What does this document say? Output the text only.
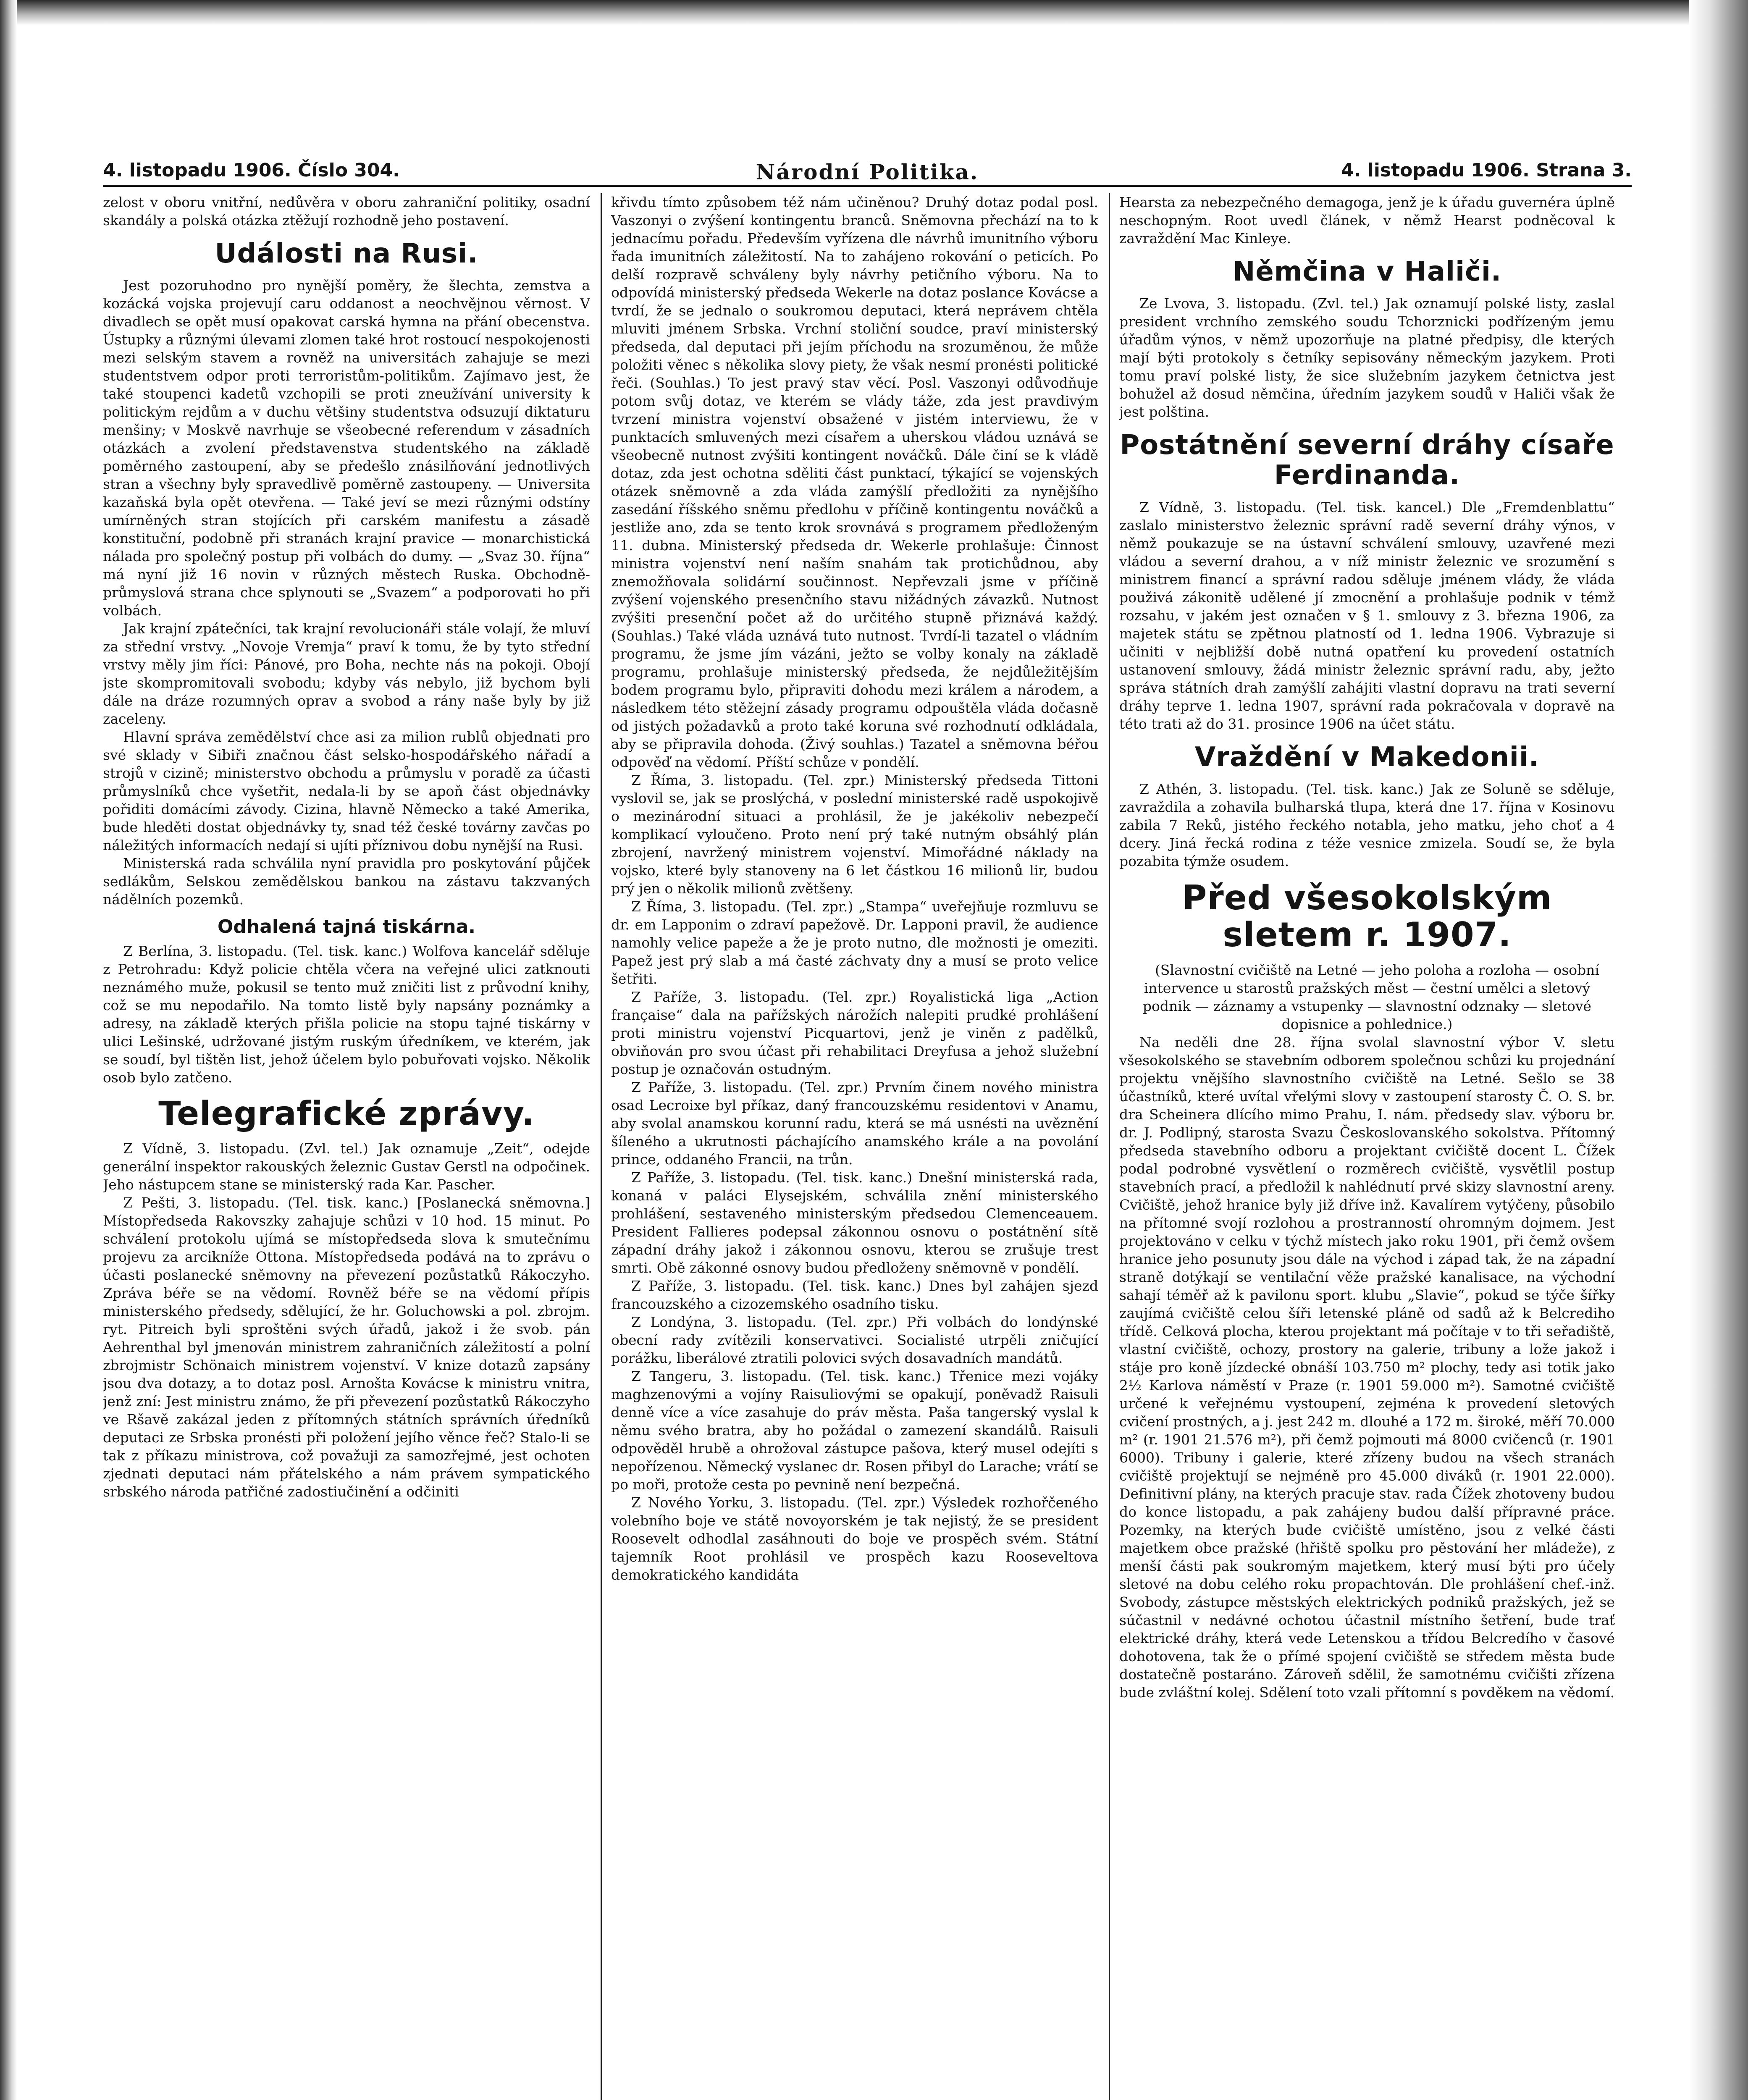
4. listopadu 1906. Číslo 304.	Národní Politika.	4. listopadu 1906. Strana 3.

zelost v oboru vnitřní, nedůvěra v oboru zahraniční politiky, osadní skandály a polská otázka ztěžují rozhodně jeho postavení.

Události na Rusi.

Jest pozoruhodno pro nynější poměry, že šlechta, zemstva a kozácká vojska projevují caru oddanost a neochvějnou věrnost. V divadlech se opět musí opakovat carská hymna na přání obecenstva. Ústupky a různými úlevami zlomen také hrot rostoucí nespokojenosti mezi selským stavem a rovněž na universitách zahajuje se mezi studentstvem odpor proti terroristům-politikům. Zajímavo jest, že také stoupenci kadetů vzchopili se proti zneužívání university k politickým rejdům a v duchu většiny studentstva odsuzují diktaturu menšiny; v Moskvě navrhuje se všeobecné referendum v zásadních otázkách a zvolení představenstva studentského na základě poměrného zastoupení, aby se předešlo znásilňování jednotlivých stran a všechny byly spravedlivě poměrně zastoupeny. — Universita kazaňská byla opět otevřena. — Také jeví se mezi různými odstíny umírněných stran stojících při carském manifestu a zásadě konstituční, podobně při stranách krajní pravice — monarchistická nálada pro společný postup při volbách do dumy. — „Svaz 30. října“ má nyní již 16 novin v různých městech Ruska. Obchodně-průmyslová strana chce splynouti se „Svazem“ a podporovati ho při volbách.

Jak krajní zpátečníci, tak krajní revolucionáři stále volají, že mluví za střední vrstvy. „Novoje Vremja“ praví k tomu, že by tyto střední vrstvy měly jim říci: Pánové, pro Boha, nechte nás na pokoji. Obojí jste skompromitovali svobodu; kdyby vás nebylo, již bychom byli dále na dráze rozumných oprav a svobod a rány naše byly by již zaceleny.

Hlavní správa zemědělství chce asi za milion rublů objednati pro své sklady v Sibiři značnou část selsko-hospodářského nářadí a strojů v cizině; ministerstvo obchodu a průmyslu v poradě za účasti průmyslníků chce vyšetřit, nedala-li by se apoň část objednávky pořiditi domácími závody. Cizina, hlavně Německo a také Amerika, bude hleděti dostat objednávky ty, snad též české továrny zavčas po náležitých informacích nedají si ujíti příznivou dobu nynější na Rusi.

Ministerská rada schválila nyní pravidla pro poskytování půjček sedlákům, Selskou zemědělskou bankou na zástavu takzvaných nádělních pozemků.

Odhalená tajná tiskárna.

Z Berlína, 3. listopadu. (Tel. tisk. kanc.) Wolfova kancelář sděluje z Petrohradu: Když policie chtěla včera na veřejné ulici zatknouti neznámého muže, pokusil se tento muž zničiti list z průvodní knihy, což se mu nepodařilo. Na tomto listě byly napsány poznámky a adresy, na základě kterých přišla policie na stopu tajné tiskárny v ulici Lešinské, udržované jistým ruským úředníkem, ve kterém, jak se soudí, byl tištěn list, jehož účelem bylo pobuřovati vojsko. Několik osob bylo zatčeno.

Telegrafické zprávy.

Z Vídně, 3. listopadu. (Zvl. tel.) Jak oznamuje „Zeit“, odejde generální inspektor rakouských železnic Gustav Gerstl na odpočinek. Jeho nástupcem stane se ministerský rada Kar. Pascher.

Z Pešti, 3. listopadu. (Tel. tisk. kanc.) [Poslanecká sněmovna.] Místopředseda Rakovszky zahajuje schůzi v 10 hod. 15 minut. Po schválení protokolu ujímá se místopředseda slova k smutečnímu projevu za arcikníže Ottona. Místopředseda podává na to zprávu o účasti poslanecké sněmovny na převezení pozůstatků Rákoczyho. Zpráva béře se na vědomí. Rovněž béře se na vědomí přípis ministerského předsedy, sdělující, že hr. Goluchowski a pol. zbrojm. ryt. Pitreich byli sproštěni svých úřadů, jakož i že svob. pán Aehrenthal byl jmenován ministrem zahraničních záležitostí a polní zbrojmistr Schönaich ministrem vojenství. V knize dotazů zapsány jsou dva dotazy, a to dotaz posl. Arnošta Kovácse k ministru vnitra, jenž zní: Jest ministru známo, že při převezení pozůstatků Rákoczyho ve Ršavě zakázal jeden z přítomných státních správních úředníků deputaci ze Srbska pronésti při položení jejího věnce řeč? Stalo-li se tak z příkazu ministrova, což považuji za samozřejmé, jest ochoten zjednati deputaci nám přátelského a nám právem sympatického srbského národa patřičné zadostiučinění a odčiniti

křivdu tímto způsobem též nám učiněnou? Druhý dotaz podal posl. Vaszonyi o zvýšení kontingentu branců. Sněmovna přechází na to k jednacímu pořadu. Především vyřízena dle návrhů imunitního výboru řada imunitních záležitostí. Na to zahájeno rokování o peticích. Po delší rozpravě schváleny byly návrhy petičního výboru. Na to odpovídá ministerský předseda Wekerle na dotaz poslance Kovácse a tvrdí, že se jednalo o soukromou deputaci, která neprávem chtěla mluviti jménem Srbska. Vrchní stoliční soudce, praví ministerský předseda, dal deputaci při jejím příchodu na srozuměnou, že může položiti věnec s několika slovy piety, že však nesmí pronésti politické řeči. (Souhlas.) To jest pravý stav věcí. Posl. Vaszonyi odůvodňuje potom svůj dotaz, ve kterém se vlády táže, zda jest pravdivým tvrzení ministra vojenství obsažené v jistém interviewu, že v punktacích smluvených mezi císařem a uherskou vládou uznává se všeobecně nutnost zvýšiti kontingent nováčků. Dále činí se k vládě dotaz, zda jest ochotna sděliti část punktací, týkající se vojenských otázek sněmovně a zda vláda zamýšlí předložiti za nynějšího zasedání říšského sněmu předlohu v příčině kontingentu nováčků a jestliže ano, zda se tento krok srovnává s programem předloženým 11. dubna. Ministerský předseda dr. Wekerle prohlašuje: Činnost ministra vojenství není naším snahám tak protichůdnou, aby znemožňovala solidární součinnost. Nepřevzali jsme v příčině zvýšení vojenského presenčního stavu nižádných závazků. Nutnost zvýšiti presenční počet až do určitého stupně přiznává každý. (Souhlas.) Také vláda uznává tuto nutnost. Tvrdí-li tazatel o vládním programu, že jsme jím vázáni, ježto se volby konaly na základě programu, prohlašuje ministerský předseda, že nejdůležitějším bodem programu bylo, připraviti dohodu mezi králem a národem, a následkem této stěžejní zásady programu odpouštěla vláda dočasně od jistých požadavků a proto také koruna své rozhodnutí odkládala, aby se připravila dohoda. (Živý souhlas.) Tazatel a sněmovna béřou odpověď na vědomí. Příští schůze v pondělí.

Z Říma, 3. listopadu. (Tel. zpr.) Ministerský předseda Tittoni vyslovil se, jak se proslýchá, v poslední ministerské radě uspokojivě o mezinárodní situaci a prohlásil, že je jakékoliv nebezpečí komplikací vyloučeno. Proto není prý také nutným obsáhlý plán zbrojení, navržený ministrem vojenství. Mimořádné náklady na vojsko, které byly stanoveny na 6 let částkou 16 milionů lir, budou prý jen o několik milionů zvětšeny.

Z Říma, 3. listopadu. (Tel. zpr.) „Stampa“ uveřejňuje rozmluvu se dr. em Lapponim o zdraví papežově. Dr. Lapponi pravil, že audience namohly velice papeže a že je proto nutno, dle možnosti je omeziti. Papež jest prý slab a má časté záchvaty dny a musí se proto velice šetřiti.

Z Paříže, 3. listopadu. (Tel. zpr.) Royalistická liga „Action française“ dala na pařížských nárožích nalepiti prudké prohlášení proti ministru vojenství Picquartovi, jenž je viněn z padělků, obviňován pro svou účast při rehabilitaci Dreyfusa a jehož služební postup je označován ostudným.

Z Paříže, 3. listopadu. (Tel. zpr.) Prvním činem nového ministra osad Lecroixe byl příkaz, daný francouzskému residentovi v Anamu, aby svolal anamskou korunní radu, která se má usnésti na uvěznění šíleného a ukrutnosti páchajícího anamského krále a na povolání prince, oddaného Francii, na trůn.

Z Paříže, 3. listopadu. (Tel. tisk. kanc.) Dnešní ministerská rada, konaná v paláci Elysejském, schválila znění ministerského prohlášení, sestaveného ministerským předsedou Clemenceauem. President Fallieres podepsal zákonnou osnovu o postátnění sítě západní dráhy jakož i zákonnou osnovu, kterou se zrušuje trest smrti. Obě zákonné osnovy budou předloženy sněmovně v pondělí.

Z Paříže, 3. listopadu. (Tel. tisk. kanc.) Dnes byl zahájen sjezd francouzského a cizozemského osadního tisku.

Z Londýna, 3. listopadu. (Tel. zpr.) Při volbách do londýnské obecní rady zvítězili konservativci. Socialisté utrpěli zničující porážku, liberálové ztratili polovici svých dosavadních mandátů.

Z Tangeru, 3. listopadu. (Tel. tisk. kanc.) Třenice mezi vojáky maghzenovými a vojíny Raisuliovými se opakují, poněvadž Raisuli denně více a více zasahuje do práv města. Paša tangerský vyslal k němu svého bratra, aby ho požádal o zamezení skandálů. Raisuli odpověděl hrubě a ohrožoval zástupce pašova, který musel odejíti s nepořízenou. Německý vyslanec dr. Rosen přibyl do Larache; vrátí se po moři, protože cesta po pevnině není bezpečná.

Z Nového Yorku, 3. listopadu. (Tel. zpr.) Výsledek rozhořčeného volebního boje ve státě novoyorském je tak nejistý, že se president Roosevelt odhodlal zasáhnouti do boje ve prospěch svém. Státní tajemník Root prohlásil ve prospěch kazu Rooseveltova demokratického kandidáta

Hearsta za nebezpečného demagoga, jenž je k úřadu guvernéra úplně neschopným. Root uvedl článek, v němž Hearst podněcoval k zavraždění Mac Kinleye.

Němčina v Haliči.

Ze Lvova, 3. listopadu. (Zvl. tel.) Jak oznamují polské listy, zaslal president vrchního zemského soudu Tchorznicki podřízeným jemu úřadům výnos, v němž upozorňuje na platné předpisy, dle kterých mají býti protokoly s četníky sepisovány německým jazykem. Proti tomu praví polské listy, že sice služebním jazykem četnictva jest bohužel až dosud němčina, úředním jazykem soudů v Haliči však že jest polština.

Postátnění severní dráhy císaře Ferdinanda.

Z Vídně, 3. listopadu. (Tel. tisk. kancel.) Dle „Fremdenblattu“ zaslalo ministerstvo železnic správní radě severní dráhy výnos, v němž poukazuje se na ústavní schválení smlouvy, uzavřené mezi vládou a severní drahou, a v níž ministr železnic ve srozumění s ministrem financí a správní radou sděluje jménem vlády, že vláda použivá zákonitě udělené jí zmocnění a prohlašuje podnik v témž rozsahu, v jakém jest označen v § 1. smlouvy z 3. března 1906, za majetek státu se zpětnou platností od 1. ledna 1906. Vybrazuje si učiniti v nejbližší době nutná opatření ku provedení ostatních ustanovení smlouvy, žádá ministr železnic správní radu, aby, ježto správa státních drah zamýšlí zahájiti vlastní dopravu na trati severní dráhy teprve 1. ledna 1907, správní rada pokračovala v dopravě na této trati až do 31. prosince 1906 na účet státu.

Vraždění v Makedonii.

Z Athén, 3. listopadu. (Tel. tisk. kanc.) Jak ze Soluně se sděluje, zavraždila a zohavila bulharská tlupa, která dne 17. října v Kosinovu zabila 7 Reků, jistého řeckého notabla, jeho matku, jeho choť a 4 dcery. Jiná řecká rodina z téže vesnice zmizela. Soudí se, že byla pozabita týmže osudem.

Před všesokolským sletem r. 1907.

(Slavnostní cvičiště na Letné — jeho poloha a rozloha — osobní intervence u starostů pražských měst — čestní umělci a sletový podnik — záznamy a vstupenky — slavnostní odznaky — sletové dopisnice a pohlednice.)

Na neděli dne 28. října svolal slavnostní výbor V. sletu všesokolského se stavebním odborem společnou schůzi ku projednání projektu vnějšího slavnostního cvičiště na Letné. Sešlo se 38 účastníků, které uvítal vřelými slovy v zastoupení starosty Č. O. S. br. dra Scheinera dlícího mimo Prahu, I. nám. předsedy slav. výboru br. dr. J. Podlipný, starosta Svazu Českoslovanského sokolstva. Přítomný předseda stavebního odboru a projektant cvičiště docent L. Čížek podal podrobné vysvětlení o rozměrech cvičiště, vysvětlil postup stavebních prací, a předložil k nahlédnutí prvé skizy slavnostní areny. Cvičiště, jehož hranice byly již dříve inž. Kavalírem vytýčeny, působilo na přítomné svojí rozlohou a prostranností ohromným dojmem. Jest projektováno v celku v týchž místech jako roku 1901, při čemž ovšem hranice jeho posunuty jsou dále na východ i západ tak, že na západní straně dotýkají se ventilační věže pražské kanalisace, na východní sahají téměř až k pavilonu sport. klubu „Slavie“, pokud se týče šířky zaujímá cvičiště celou šíři letenské pláně od sadů až k Belcrediho třídě. Celková plocha, kterou projektant má počítaje v to tři seřadiště, vlastní cvičiště, ochozy, prostory na galerie, tribuny a lože jakož i stáje pro koně jízdecké obnáší 103.750 m² plochy, tedy asi totik jako 2½ Karlova náměstí v Praze (r. 1901 59.000 m²). Samotné cvičiště určené k veřejnému vystoupení, zejména k provedení sletových cvičení prostných, a j. jest 242 m. dlouhé a 172 m. široké, měří 70.000 m² (r. 1901 21.576 m²), při čemž pojmouti má 8000 cvičenců (r. 1901 6000). Tribuny i galerie, které zřízeny budou na všech stranách cvičiště projektují se nejméně pro 45.000 diváků (r. 1901 22.000). Definitivní plány, na kterých pracuje stav. rada Čížek zhotoveny budou do konce listopadu, a pak zahájeny budou další přípravné práce. Pozemky, na kterých bude cvičiště umístěno, jsou z velké části majetkem obce pražské (hřiště spolku pro pěstování her mládeže), z menší části pak soukromým majetkem, který musí býti pro účely sletové na dobu celého roku propachtován. Dle prohlášení chef.-inž. Svobody, zástupce městských elektrických podniků pražských, jež se súčastnil v nedávné ochotou účastnil místního šetření, bude trať elektrické dráhy, která vede Letenskou a třídou Belcredího v časové dohotovena, tak že o přímé spojení cvičiště se středem města bude dostatečně postaráno. Zároveň sdělil, že samotnému cvičišti zřízena bude zvláštní kolej. Sdělení toto vzali přítomní s povděkem na vědomí.
